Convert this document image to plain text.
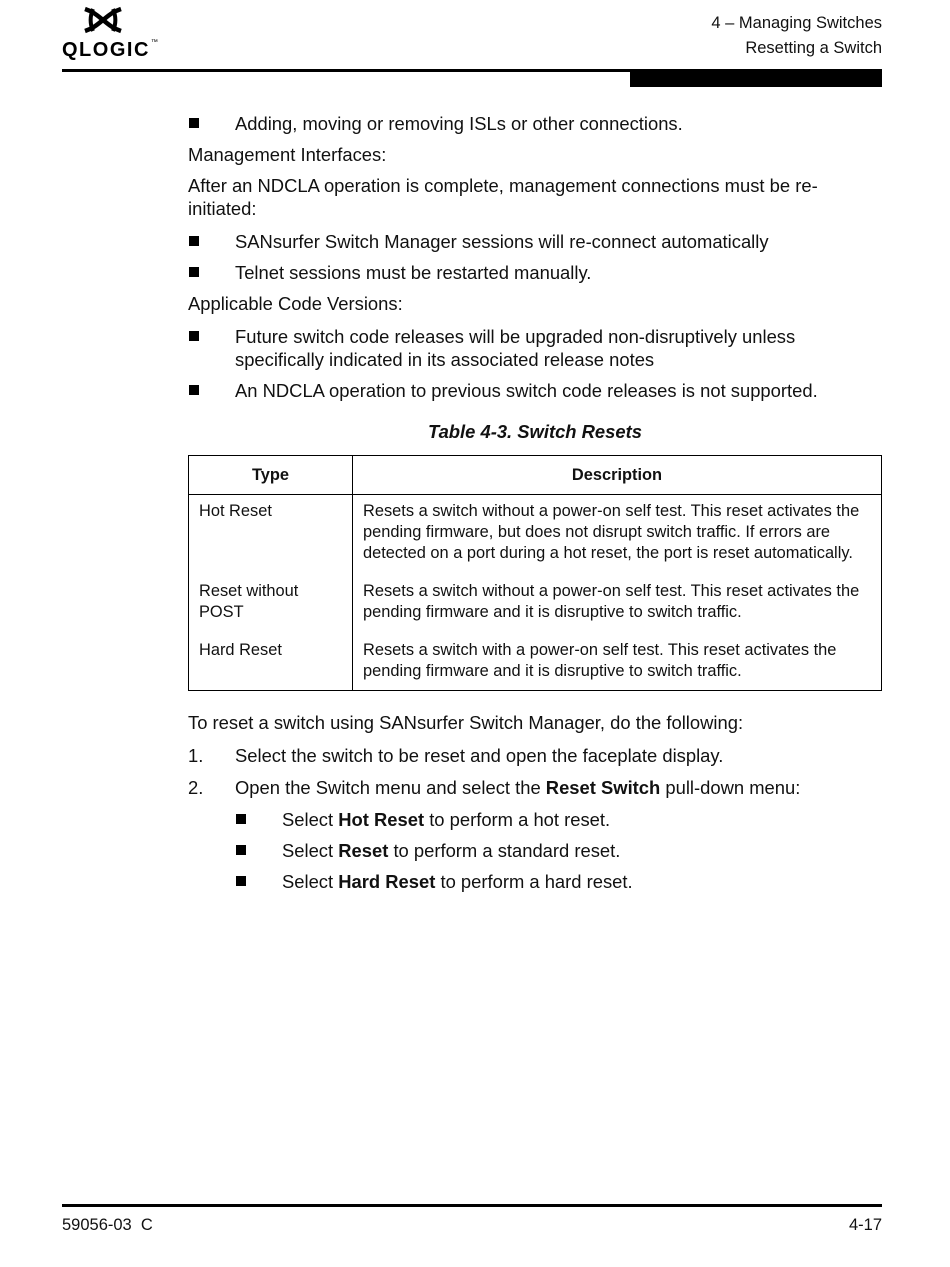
QLOGIC™
4 – Managing Switches
Resetting a Switch
Adding, moving or removing ISLs or other connections.
Management Interfaces:
After an NDCLA operation is complete, management connections must be re-initiated:
SANsurfer Switch Manager sessions will re-connect automatically
Telnet sessions must be restarted manually.
Applicable Code Versions:
Future switch code releases will be upgraded non-disruptively unless specifically indicated in its associated release notes
An NDCLA operation to previous switch code releases is not supported.
Table 4-3. Switch Resets
Type	Description
Hot Reset	Resets a switch without a power-on self test. This reset activates the pending firmware, but does not disrupt switch traffic. If errors are detected on a port during a hot reset, the port is reset automatically.
Reset without POST	Resets a switch without a power-on self test. This reset activates the pending firmware and it is disruptive to switch traffic.
Hard Reset	Resets a switch with a power-on self test. This reset activates the pending firmware and it is disruptive to switch traffic.
To reset a switch using SANsurfer Switch Manager, do the following:
1. Select the switch to be reset and open the faceplate display.
2. Open the Switch menu and select the Reset Switch pull-down menu:
Select Hot Reset to perform a hot reset.
Select Reset to perform a standard reset.
Select Hard Reset to perform a hard reset.
59056-03  C	4-17
